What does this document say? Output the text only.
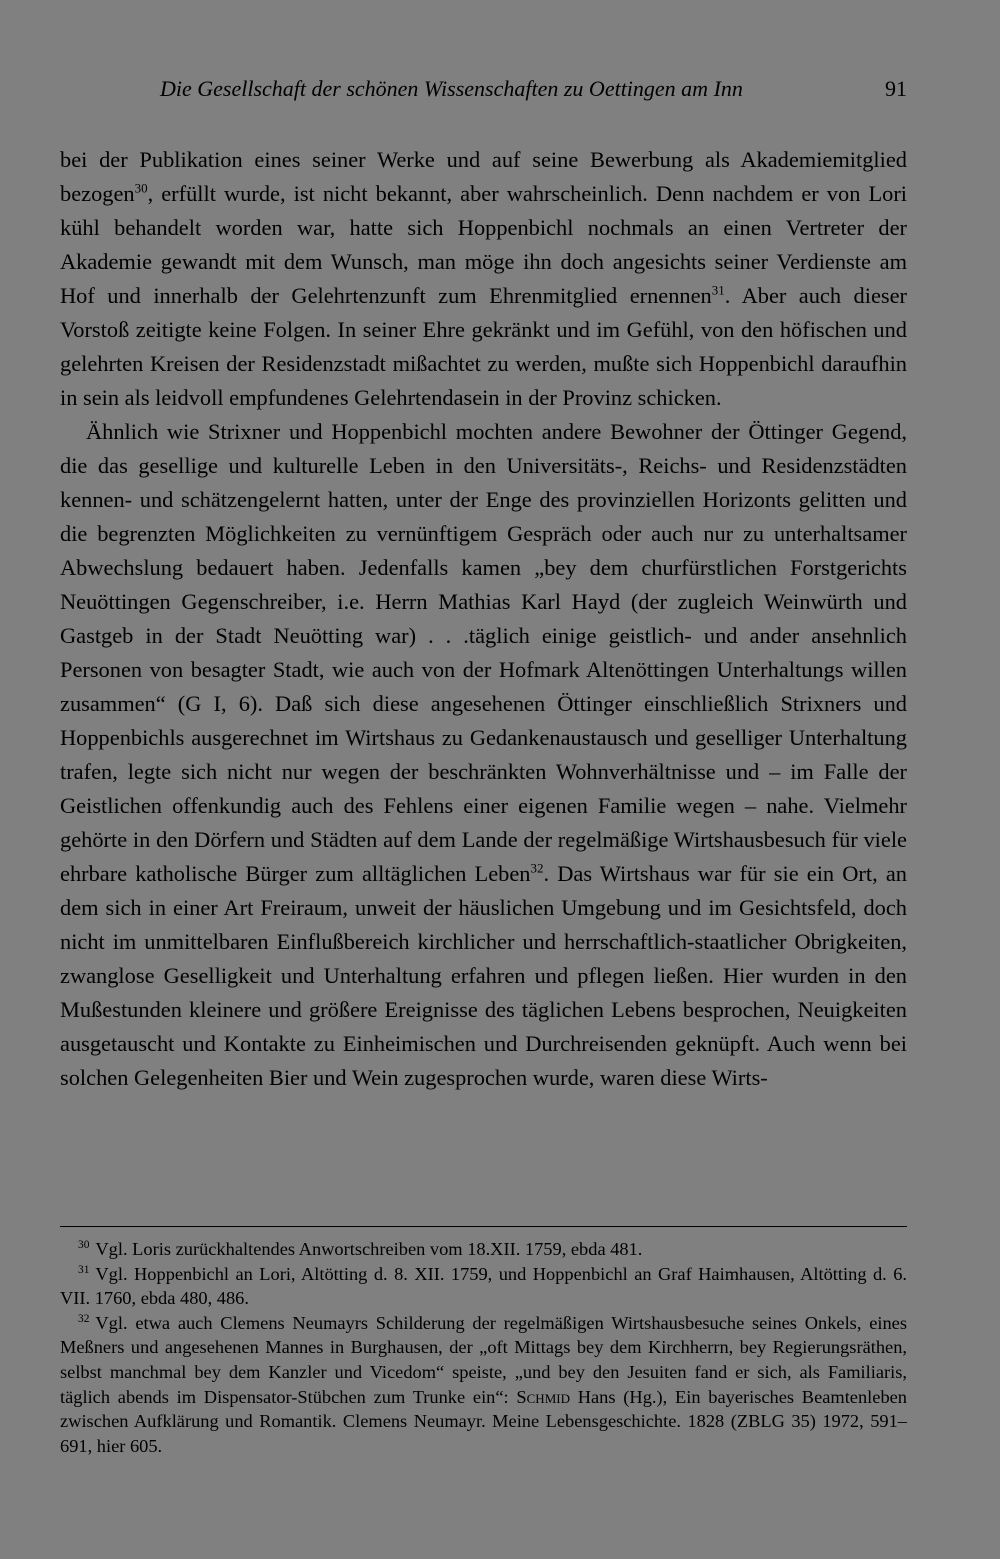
Die Gesellschaft der schönen Wissenschaften zu Oettingen am Inn	91

bei der Publikation eines seiner Werke und auf seine Bewerbung als Akademiemitglied bezogen$^{30}$, erfüllt wurde, ist nicht bekannt, aber wahrscheinlich. Denn nachdem er von Lori kühl behandelt worden war, hatte sich Hoppenbichl nochmals an einen Vertreter der Akademie gewandt mit dem Wunsch, man möge ihn doch angesichts seiner Verdienste am Hof und innerhalb der Gelehrtenzunft zum Ehrenmitglied ernennen$^{31}$. Aber auch dieser Vorstoß zeitigte keine Folgen. In seiner Ehre gekränkt und im Gefühl, von den höfischen und gelehrten Kreisen der Residenzstadt mißachtet zu werden, mußte sich Hoppenbichl daraufhin in sein als leidvoll empfundenes Gelehrtendasein in der Provinz schicken.

Ähnlich wie Strixner und Hoppenbichl mochten andere Bewohner der Öttinger Gegend, die das gesellige und kulturelle Leben in den Universitäts-, Reichs- und Residenzstädten kennen- und schätzengelernt hatten, unter der Enge des provinziellen Horizonts gelitten und die begrenzten Möglichkeiten zu vernünftigem Gespräch oder auch nur zu unterhaltsamer Abwechslung bedauert haben. Jedenfalls kamen „bey dem churfürstlichen Forstgerichts Neuöttingen Gegenschreiber, i.e. Herrn Mathias Karl Hayd (der zugleich Weinwürth und Gastgeb in der Stadt Neuötting war) . . .täglich einige geistlich- und ander ansehnlich Personen von besagter Stadt, wie auch von der Hofmark Altenöttingen Unterhaltungs willen zusammen“ (G I, 6). Daß sich diese angesehenen Öttinger einschließlich Strixners und Hoppenbichls ausgerechnet im Wirtshaus zu Gedankenaustausch und geselliger Unterhaltung trafen, legte sich nicht nur wegen der beschränkten Wohnverhältnisse und – im Falle der Geistlichen offenkundig auch des Fehlens einer eigenen Familie wegen – nahe. Vielmehr gehörte in den Dörfern und Städten auf dem Lande der regelmäßige Wirtshausbesuch für viele ehrbare katholische Bürger zum alltäglichen Leben$^{32}$. Das Wirtshaus war für sie ein Ort, an dem sich in einer Art Freiraum, unweit der häuslichen Umgebung und im Gesichtsfeld, doch nicht im unmittelbaren Einflußbereich kirchlicher und herrschaftlich-staatlicher Obrigkeiten, zwanglose Geselligkeit und Unterhaltung erfahren und pflegen ließen. Hier wurden in den Mußestunden kleinere und größere Ereignisse des täglichen Lebens besprochen, Neuigkeiten ausgetauscht und Kontakte zu Einheimischen und Durchreisenden geknüpft. Auch wenn bei solchen Gelegenheiten Bier und Wein zugesprochen wurde, waren diese Wirts-

$^{30}$ Vgl. Loris zurückhaltendes Anwortschreiben vom 18.XII. 1759, ebda 481.

$^{31}$ Vgl. Hoppenbichl an Lori, Altötting d. 8. XII. 1759, und Hoppenbichl an Graf Haimhausen, Altötting d. 6. VII. 1760, ebda 480, 486.

$^{32}$ Vgl. etwa auch Clemens Neumayrs Schilderung der regelmäßigen Wirtshausbesuche seines Onkels, eines Meßners und angesehenen Mannes in Burghausen, der „oft Mittags bey dem Kirchherrn, bey Regierungsräthen, selbst manchmal bey dem Kanzler und Vicedom“ speiste, „und bey den Jesuiten fand er sich, als Familiaris, täglich abends im Dispensator-Stübchen zum Trunke ein“: Schmid Hans (Hg.), Ein bayerisches Beamtenleben zwischen Aufklärung und Romantik. Clemens Neumayr. Meine Lebensgeschichte. 1828 (ZBLG 35) 1972, 591–691, hier 605.
